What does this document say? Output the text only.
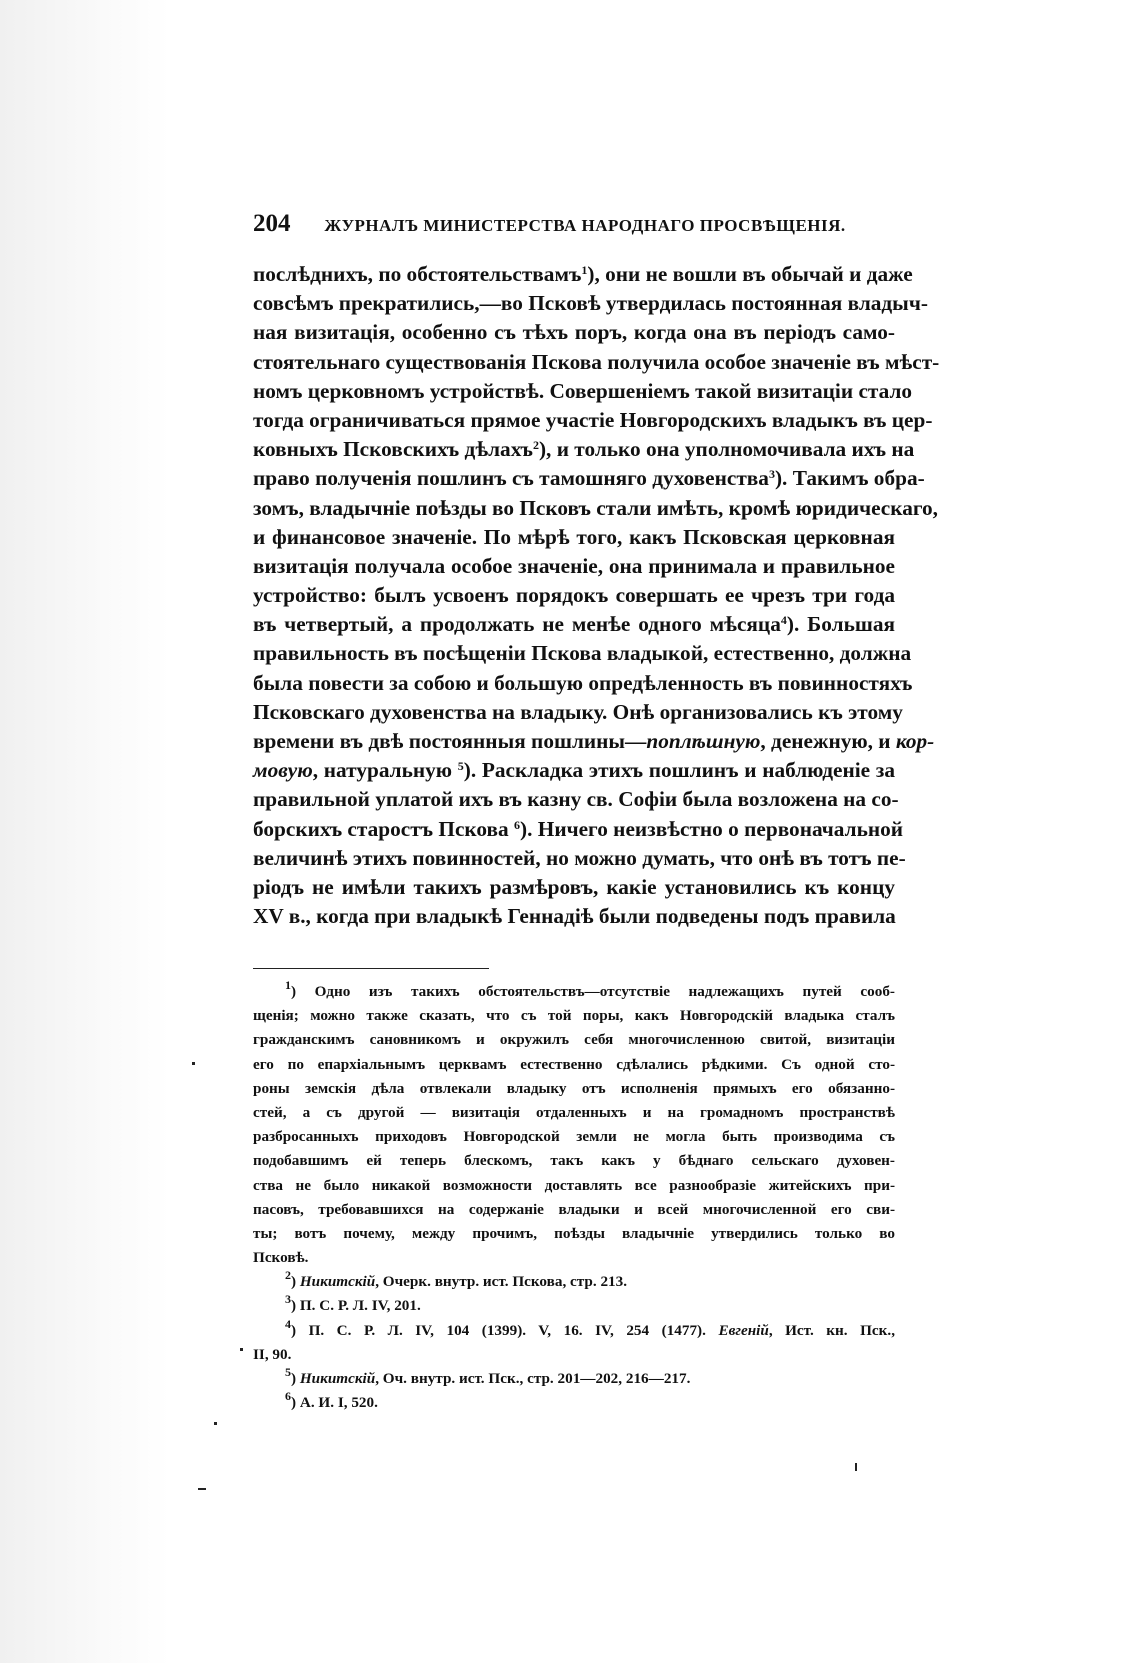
204 ЖУРНАЛЪ МИНИСТЕРСТВА НАРОДНАГО ПРОСВѢЩЕНІЯ.
послѣднихъ, по обстоятельствамъ$^1$), они не вошли въ обычай и даже
совсѣмъ прекратились,—во Псковѣ утвердилась постоянная владыч-
ная визитація, особенно съ тѣхъ поръ, когда она въ періодъ само-
стоятельнаго существованія Пскова получила особое значеніе въ мѣст-
номъ церковномъ устройствѣ. Совершеніемъ такой визитаціи стало
тогда ограничиваться прямое участіе Новгородскихъ владыкъ въ цер-
ковныхъ Псковскихъ дѣлахъ$^2$), и только она уполномочивала ихъ на
право полученія пошлинъ съ тамошняго духовенства$^3$). Такимъ обра-
зомъ, владычніе поѣзды во Псковъ стали имѣть, кромѣ юридическаго,
и финансовое значеніе. По мѣрѣ того, какъ Псковская церковная
визитація получала особое значеніе, она принимала и правильное
устройство: былъ усвоенъ порядокъ совершать ее чрезъ три года
въ четвертый, а продолжать не менѣе одного мѣсяца$^4$). Большая
правильность въ посѣщеніи Пскова владыкой, естественно, должна
была повести за собою и большую опредѣленность въ повинностяхъ
Псковскаго духовенства на владыку. Онѣ организовались къ этому
времени въ двѣ постоянныя пошлины—поплѣшную, денежную, и кор-
мовую, натуральную $^5$). Раскладка этихъ пошлинъ и наблюденіе за
правильной уплатой ихъ въ казну св. Софіи была возложена на со-
борскихъ старостъ Пскова $^6$). Ничего неизвѣстно о первоначальной
величинѣ этихъ повинностей, но можно думать, что онѣ въ тотъ пе-
ріодъ не имѣли такихъ размѣровъ, какіе установились къ концу
XV в., когда при владыкѣ Геннадіѣ были подведены подъ правила
$^1$) Одно изъ такихъ обстоятельствъ—отсутствіе надлежащихъ путей сооб-
щенія; можно также сказать, что съ той поры, какъ Новгородскій владыка сталъ
гражданскимъ сановникомъ и окружилъ себя многочисленною свитой, визитаціи
его по епархіальнымъ церквамъ естественно сдѣлались рѣдкими. Съ одной сто-
роны земскія дѣла отвлекали владыку отъ исполненія прямыхъ его обязанно-
стей, а съ другой — визитація отдаленныхъ и на громадномъ пространствѣ
разбросанныхъ приходовъ Новгородской земли не могла быть производима съ
подобавшимъ ей теперь блескомъ, такъ какъ у бѣднаго сельскаго духовен-
ства не было никакой возможности доставлять все разнообразіе житейскихъ при-
пасовъ, требовавшихся на содержаніе владыки и всей многочисленной его сви-
ты; вотъ почему, между прочимъ, поѣзды владычніе утвердились только во
Псковѣ.
$^2$) Никитскій, Очерк. внутр. ист. Пскова, стр. 213.
$^3$) П. С. Р. Л. IV, 201.
$^4$) П. С. Р. Л. IV, 104 (1399). V, 16. IV, 254 (1477). Евгеній, Ист. кн. Пск.,
II, 90.
$^5$) Никитскій, Оч. внутр. ист. Пск., стр. 201—202, 216—217.
$^6$) А. И. I, 520.
